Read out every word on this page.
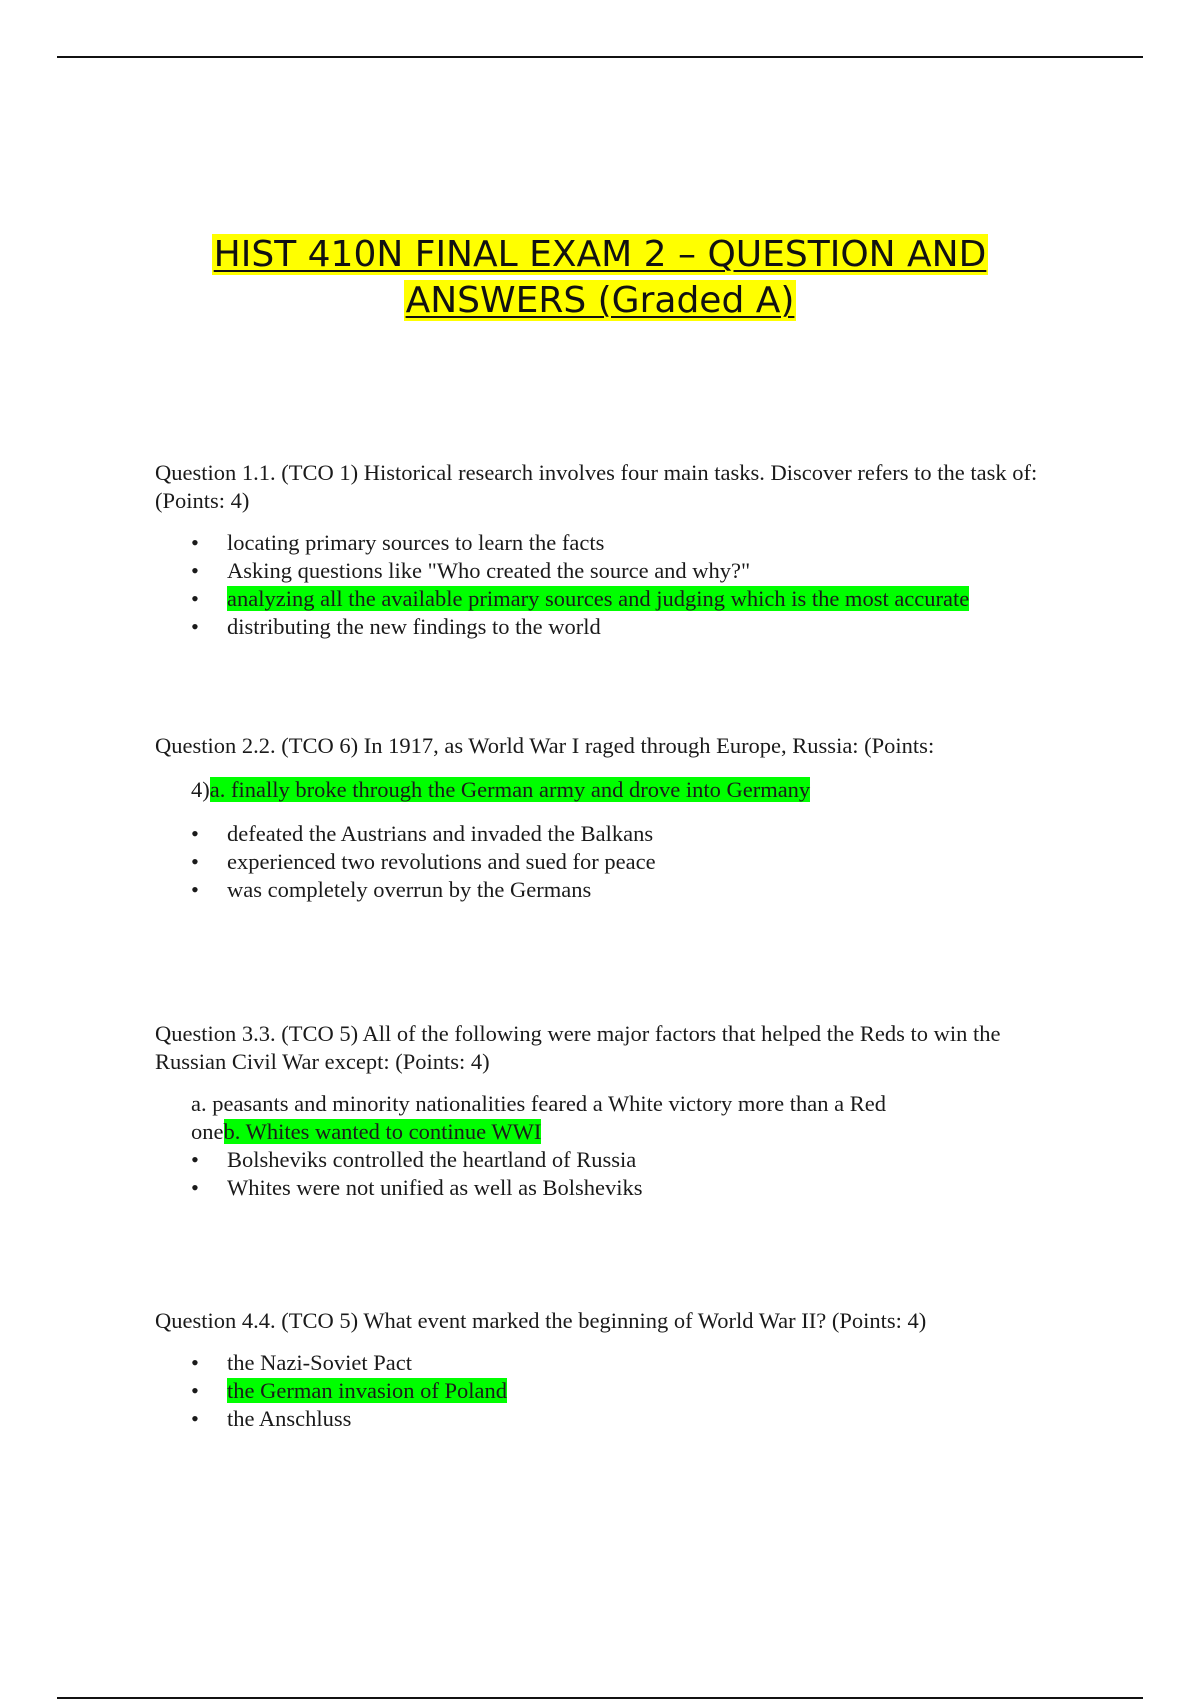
HIST 410N FINAL EXAM 2 – QUESTION AND
ANSWERS (Graded A)

Question 1.1. (TCO 1) Historical research involves four main tasks. Discover refers to the task of: (Points: 4)

• locating primary sources to learn the facts
• Asking questions like "Who created the source and why?"
• analyzing all the available primary sources and judging which is the most accurate
• distributing the new findings to the world

Question 2.2. (TCO 6) In 1917, as World War I raged through Europe, Russia: (Points:

4)a. finally broke through the German army and drove into Germany
• defeated the Austrians and invaded the Balkans
• experienced two revolutions and sued for peace
• was completely overrun by the Germans

Question 3.3. (TCO 5) All of the following were major factors that helped the Reds to win the Russian Civil War except: (Points: 4)

a. peasants and minority nationalities feared a White victory more than a Red
oneb. Whites wanted to continue WWI
• Bolsheviks controlled the heartland of Russia
• Whites were not unified as well as Bolsheviks

Question 4.4. (TCO 5) What event marked the beginning of World War II? (Points: 4)

• the Nazi-Soviet Pact
• the German invasion of Poland
• the Anschluss
